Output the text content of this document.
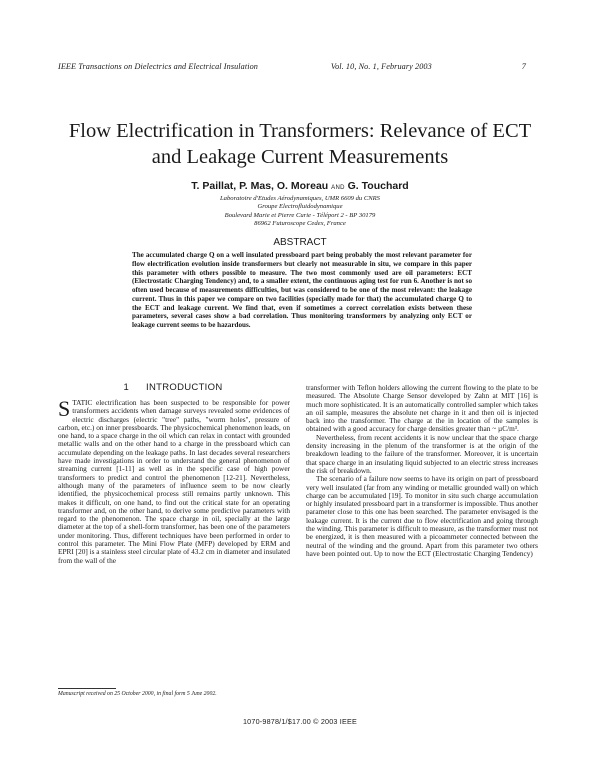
IEEE Transactions on Dielectrics and Electrical Insulation	Vol. 10, No. 1, February 2003	7
Flow Electrification in Transformers: Relevance of ECT
and Leakage Current Measurements
T. Paillat, P. Mas, O. Moreau AND G. Touchard
Laboratoire d'Etudes Aérodynamiques, UMR 6609 du CNRS
Groupe Electrofluidodynamique
Boulevard Marie et Pierre Curie - Téléport 2 - BP 30179
86962 Futuroscope Cedex, France
ABSTRACT
The accumulated charge Q on a well insulated pressboard part being probably the most relevant parameter for flow electrification evolution inside transformers but clearly not measurable in situ, we compare in this paper this parameter with others possible to measure. The two most commonly used are oil parameters: ECT (Electrostatic Charging Tendency) and, to a smaller extent, the continuous aging test for run 6. Another is not so often used because of measurements difficulties, but was considered to be one of the most relevant: the leakage current. Thus in this paper we compare on two facilities (specially made for that) the accumulated charge Q to the ECT and leakage current. We find that, even if sometimes a correct correlation exists between these parameters, several cases show a bad correlation. Thus monitoring transformers by analyzing only ECT or leakage current seems to be hazardous.
1 INTRODUCTION

STATIC electrification has been suspected to be responsible for power transformers accidents when damage surveys revealed some evidences of electric discharges (electric "tree" paths, "worm holes", pressure of carbon, etc.) on inner pressboards. The physicochemical phenomenon leads, on one hand, to a space charge in the oil which can relax in contact with grounded metallic walls and on the other hand to a charge in the pressboard which can accumulate depending on the leakage paths. In last decades several researchers have made investigations in order to understand the general phenomenon of streaming current [1-11] as well as in the specific case of high power transformers to predict and control the phenomenon [12-21]. Nevertheless, although many of the parameters of influence seem to be now clearly identified, the physicochemical process still remains partly unknown. This makes it difficult, on one hand, to find out the critical state for an operating transformer and, on the other hand, to derive some predictive parameters with regard to the phenomenon. The space charge in oil, specially at the large diameter at the top of a shell-form transformer, has been one of the parameters under monitoring. Thus, different techniques have been performed in order to control this parameter. The Mini Flow Plate (MFP) developed by ERM and EPRI [20] is a stainless steel circular plate of 43.2 cm in diameter and insulated from the wall of the

transformer with Teflon holders allowing the current flowing to the plate to be measured. The Absolute Charge Sensor developed by Zahn at MIT [16] is much more sophisticated. It is an automatically controlled sampler which takes an oil sample, measures the absolute net charge in it and then oil is injected back into the transformer. The charge at the in location of the samples is obtained with a good accuracy for charge densities greater than ~ µC/m³.

Nevertheless, from recent accidents it is now unclear that the space charge density increasing in the plenum of the transformer is at the origin of the breakdown leading to the failure of the transformer. Moreover, it is uncertain that space charge in an insulating liquid subjected to an electric stress increases the risk of breakdown.

The scenario of a failure now seems to have its origin on part of pressboard very well insulated (far from any winding or metallic grounded wall) on which charge can be accumulated [19]. To monitor in situ such charge accumulation or highly insulated pressboard part in a transformer is impossible. Thus another parameter close to this one has been searched. The parameter envisaged is the leakage current. It is the current due to flow electrification and going through the winding. This parameter is difficult to measure, as the transformer must not be energized, it is then measured with a picoammeter connected between the neutral of the winding and the ground. Apart from this parameter two others have been pointed out. Up to now the ECT (Electrostatic Charging Tendency)

Manuscript received on 25 October 2000, in final form 5 June 2002.
1070-9878/1/$17.00 © 2003 IEEE
